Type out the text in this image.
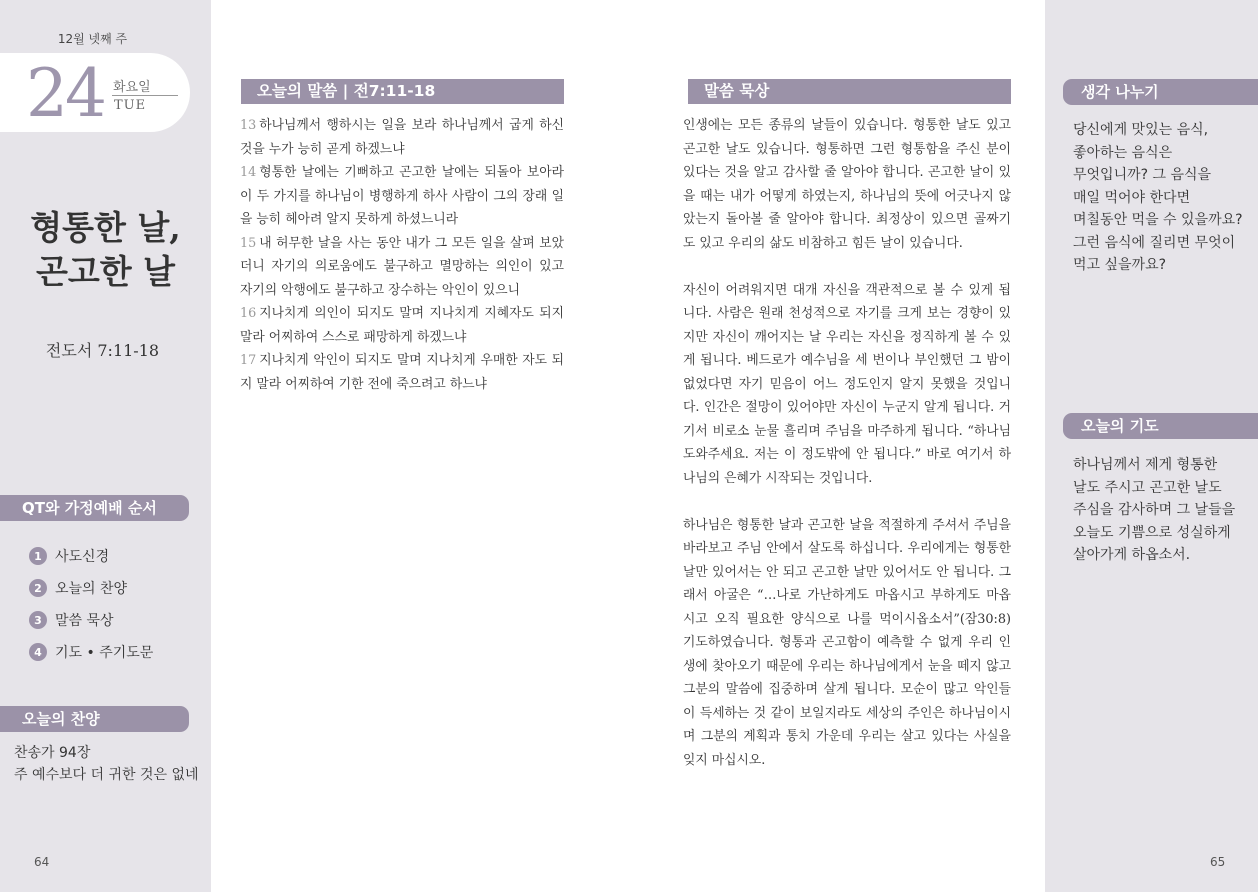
12월 넷째 주
24 화요일
TUE
형통한 날,
곤고한 날
전도서 7:11-18
QT와 가정예배 순서
1 사도신경
2 오늘의 찬양
3 말씀 묵상
4 기도 • 주기도문
오늘의 찬양
찬송가 94장
주 예수보다 더 귀한 것은 없네
64
오늘의 말씀 | 전7:11-18

13 하나님께서 행하시는 일을 보라 하나님께서 굽게 하신 것을 누가 능히 곧게 하겠느냐

14 형통한 날에는 기뻐하고 곤고한 날에는 되돌아 보아라 이 두 가지를 하나님이 병행하게 하사 사람이 그의 장래 일을 능히 헤아려 알지 못하게 하셨느니라

15 내 허무한 날을 사는 동안 내가 그 모든 일을 살펴 보았더니 자기의 의로움에도 불구하고 멸망하는 의인이 있고 자기의 악행에도 불구하고 장수하는 악인이 있으니

16 지나치게 의인이 되지도 말며 지나치게 지혜자도 되지 말라 어찌하여 스스로 패망하게 하겠느냐

17 지나치게 악인이 되지도 말며 지나치게 우매한 자도 되지 말라 어찌하여 기한 전에 죽으려고 하느냐

말씀 묵상

인생에는 모든 종류의 날들이 있습니다. 형통한 날도 있고 곤고한 날도 있습니다. 형통하면 그런 형통함을 주신 분이 있다는 것을 알고 감사할 줄 알아야 합니다. 곤고한 날이 있을 때는 내가 어떻게 하였는지, 하나님의 뜻에 어긋나지 않았는지 돌아볼 줄 알아야 합니다. 최정상이 있으면 골짜기도 있고 우리의 삶도 비참하고 힘든 날이 있습니다.

자신이 어려워지면 대개 자신을 객관적으로 볼 수 있게 됩니다. 사람은 원래 천성적으로 자기를 크게 보는 경향이 있지만 자신이 깨어지는 날 우리는 자신을 정직하게 볼 수 있게 됩니다. 베드로가 예수님을 세 번이나 부인했던 그 밤이 없었다면 자기 믿음이 어느 정도인지 알지 못했을 것입니다. 인간은 절망이 있어야만 자신이 누군지 알게 됩니다. 거기서 비로소 눈물 흘리며 주님을 마주하게 됩니다. “하나님 도와주세요. 저는 이 정도밖에 안 됩니다.” 바로 여기서 하나님의 은혜가 시작되는 것입니다.

하나님은 형통한 날과 곤고한 날을 적절하게 주셔서 주님을 바라보고 주님 안에서 살도록 하십니다. 우리에게는 형통한 날만 있어서는 안 되고 곤고한 날만 있어서도 안 됩니다. 그래서 아굴은 “…나로 가난하게도 마옵시고 부하게도 마옵시고 오직 필요한 양식으로 나를 먹이시옵소서”(잠30:8) 기도하였습니다. 형통과 곤고함이 예측할 수 없게 우리 인생에 찾아오기 때문에 우리는 하나님에게서 눈을 떼지 않고 그분의 말씀에 집중하며 살게 됩니다. 모순이 많고 악인들이 득세하는 것 같이 보일지라도 세상의 주인은 하나님이시며 그분의 계획과 통치 가운데 우리는 살고 있다는 사실을 잊지 마십시오.

생각 나누기
당신에게 맛있는 음식,
좋아하는 음식은
무엇입니까? 그 음식을
매일 먹어야 한다면
며칠동안 먹을 수 있을까요?
그런 음식에 질리면 무엇이
먹고 싶을까요?
오늘의 기도
하나님께서 제게 형통한
날도 주시고 곤고한 날도
주심을 감사하며 그 날들을
오늘도 기쁨으로 성실하게
살아가게 하옵소서.
65
